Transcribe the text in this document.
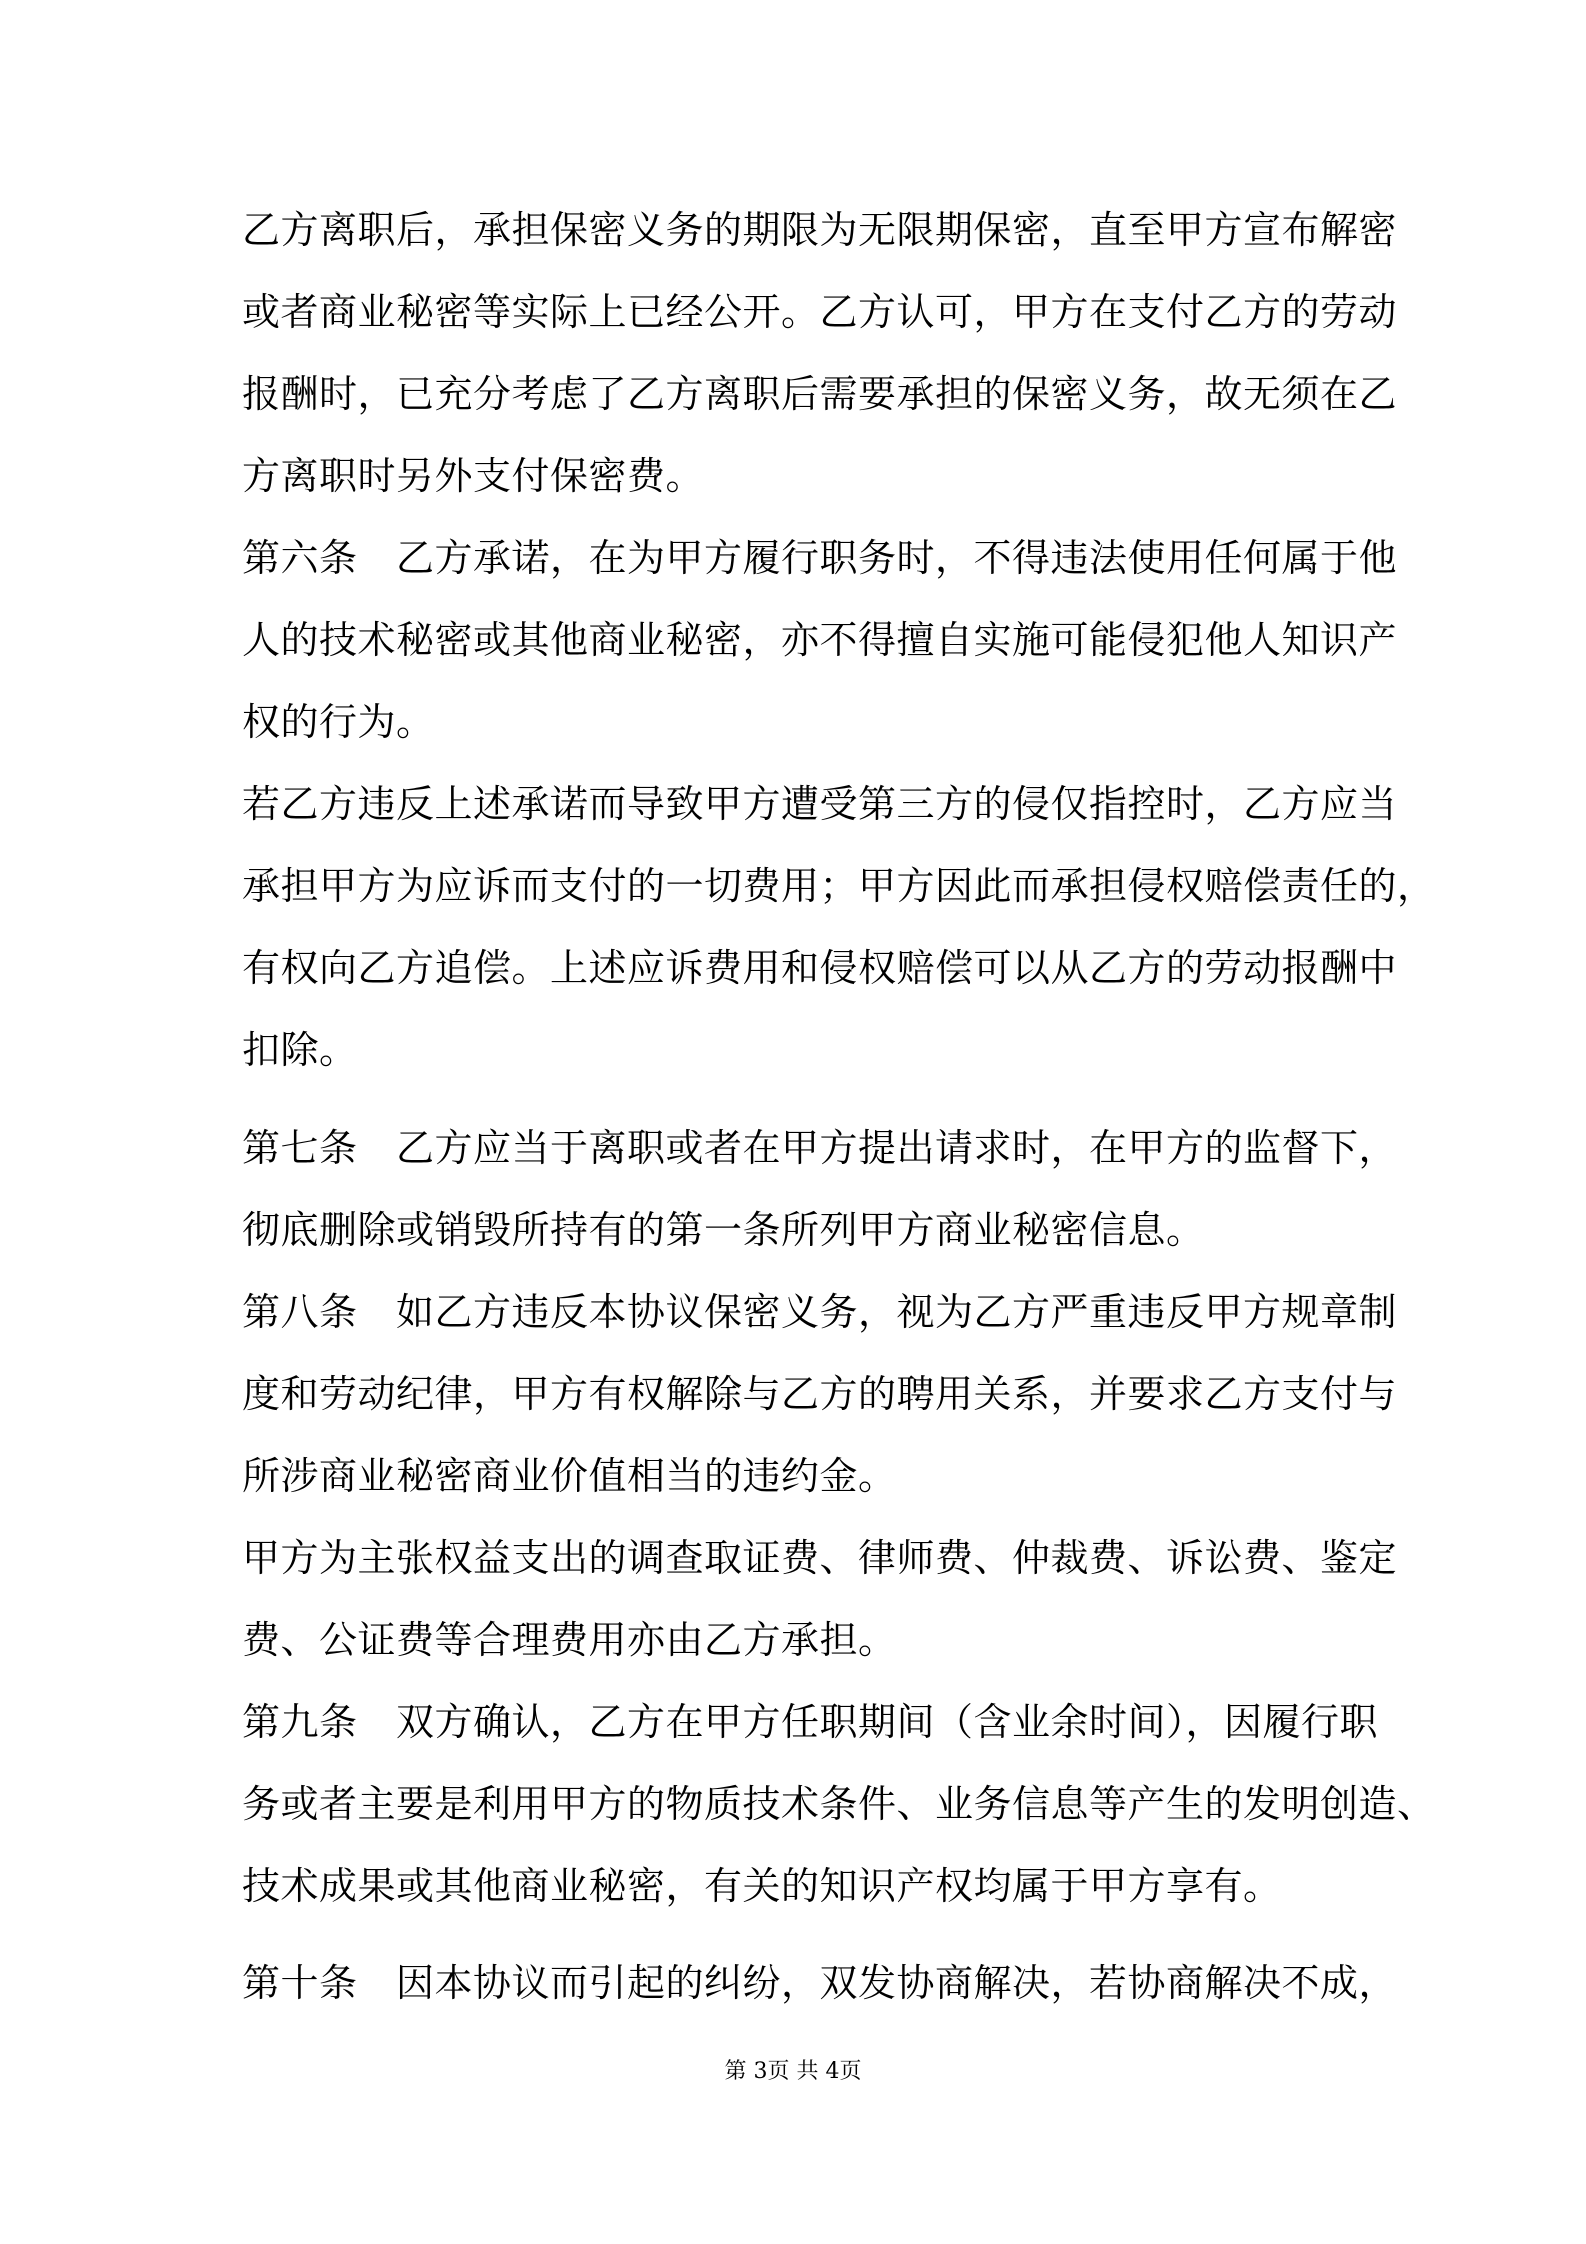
乙方离职后，承担保密义务的期限为无限期保密，直至甲方宣布解密
或者商业秘密等实际上已经公开。乙方认可，甲方在支付乙方的劳动
报酬时，已充分考虑了乙方离职后需要承担的保密义务，故无须在乙
方离职时另外支付保密费。
第六条　乙方承诺，在为甲方履行职务时，不得违法使用任何属于他
人的技术秘密或其他商业秘密，亦不得擅自实施可能侵犯他人知识产
权的行为。
若乙方违反上述承诺而导致甲方遭受第三方的侵仅指控时，乙方应当
承担甲方为应诉而支付的一切费用；甲方因此而承担侵权赔偿责任的，
有权向乙方追偿。上述应诉费用和侵权赔偿可以从乙方的劳动报酬中
扣除。
第七条　乙方应当于离职或者在甲方提出请求时，在甲方的监督下，
彻底删除或销毁所持有的第一条所列甲方商业秘密信息。
第八条　如乙方违反本协议保密义务，视为乙方严重违反甲方规章制
度和劳动纪律，甲方有权解除与乙方的聘用关系，并要求乙方支付与
所涉商业秘密商业价值相当的违约金。
甲方为主张权益支出的调查取证费、律师费、仲裁费、诉讼费、鉴定
费、公证费等合理费用亦由乙方承担。
第九条　双方确认，乙方在甲方任职期间（含业余时间），因履行职
务或者主要是利用甲方的物质技术条件、业务信息等产生的发明创造、
技术成果或其他商业秘密，有关的知识产权均属于甲方享有。
第十条　因本协议而引起的纠纷，双发协商解决，若协商解决不成，
第 3页 共 4页
